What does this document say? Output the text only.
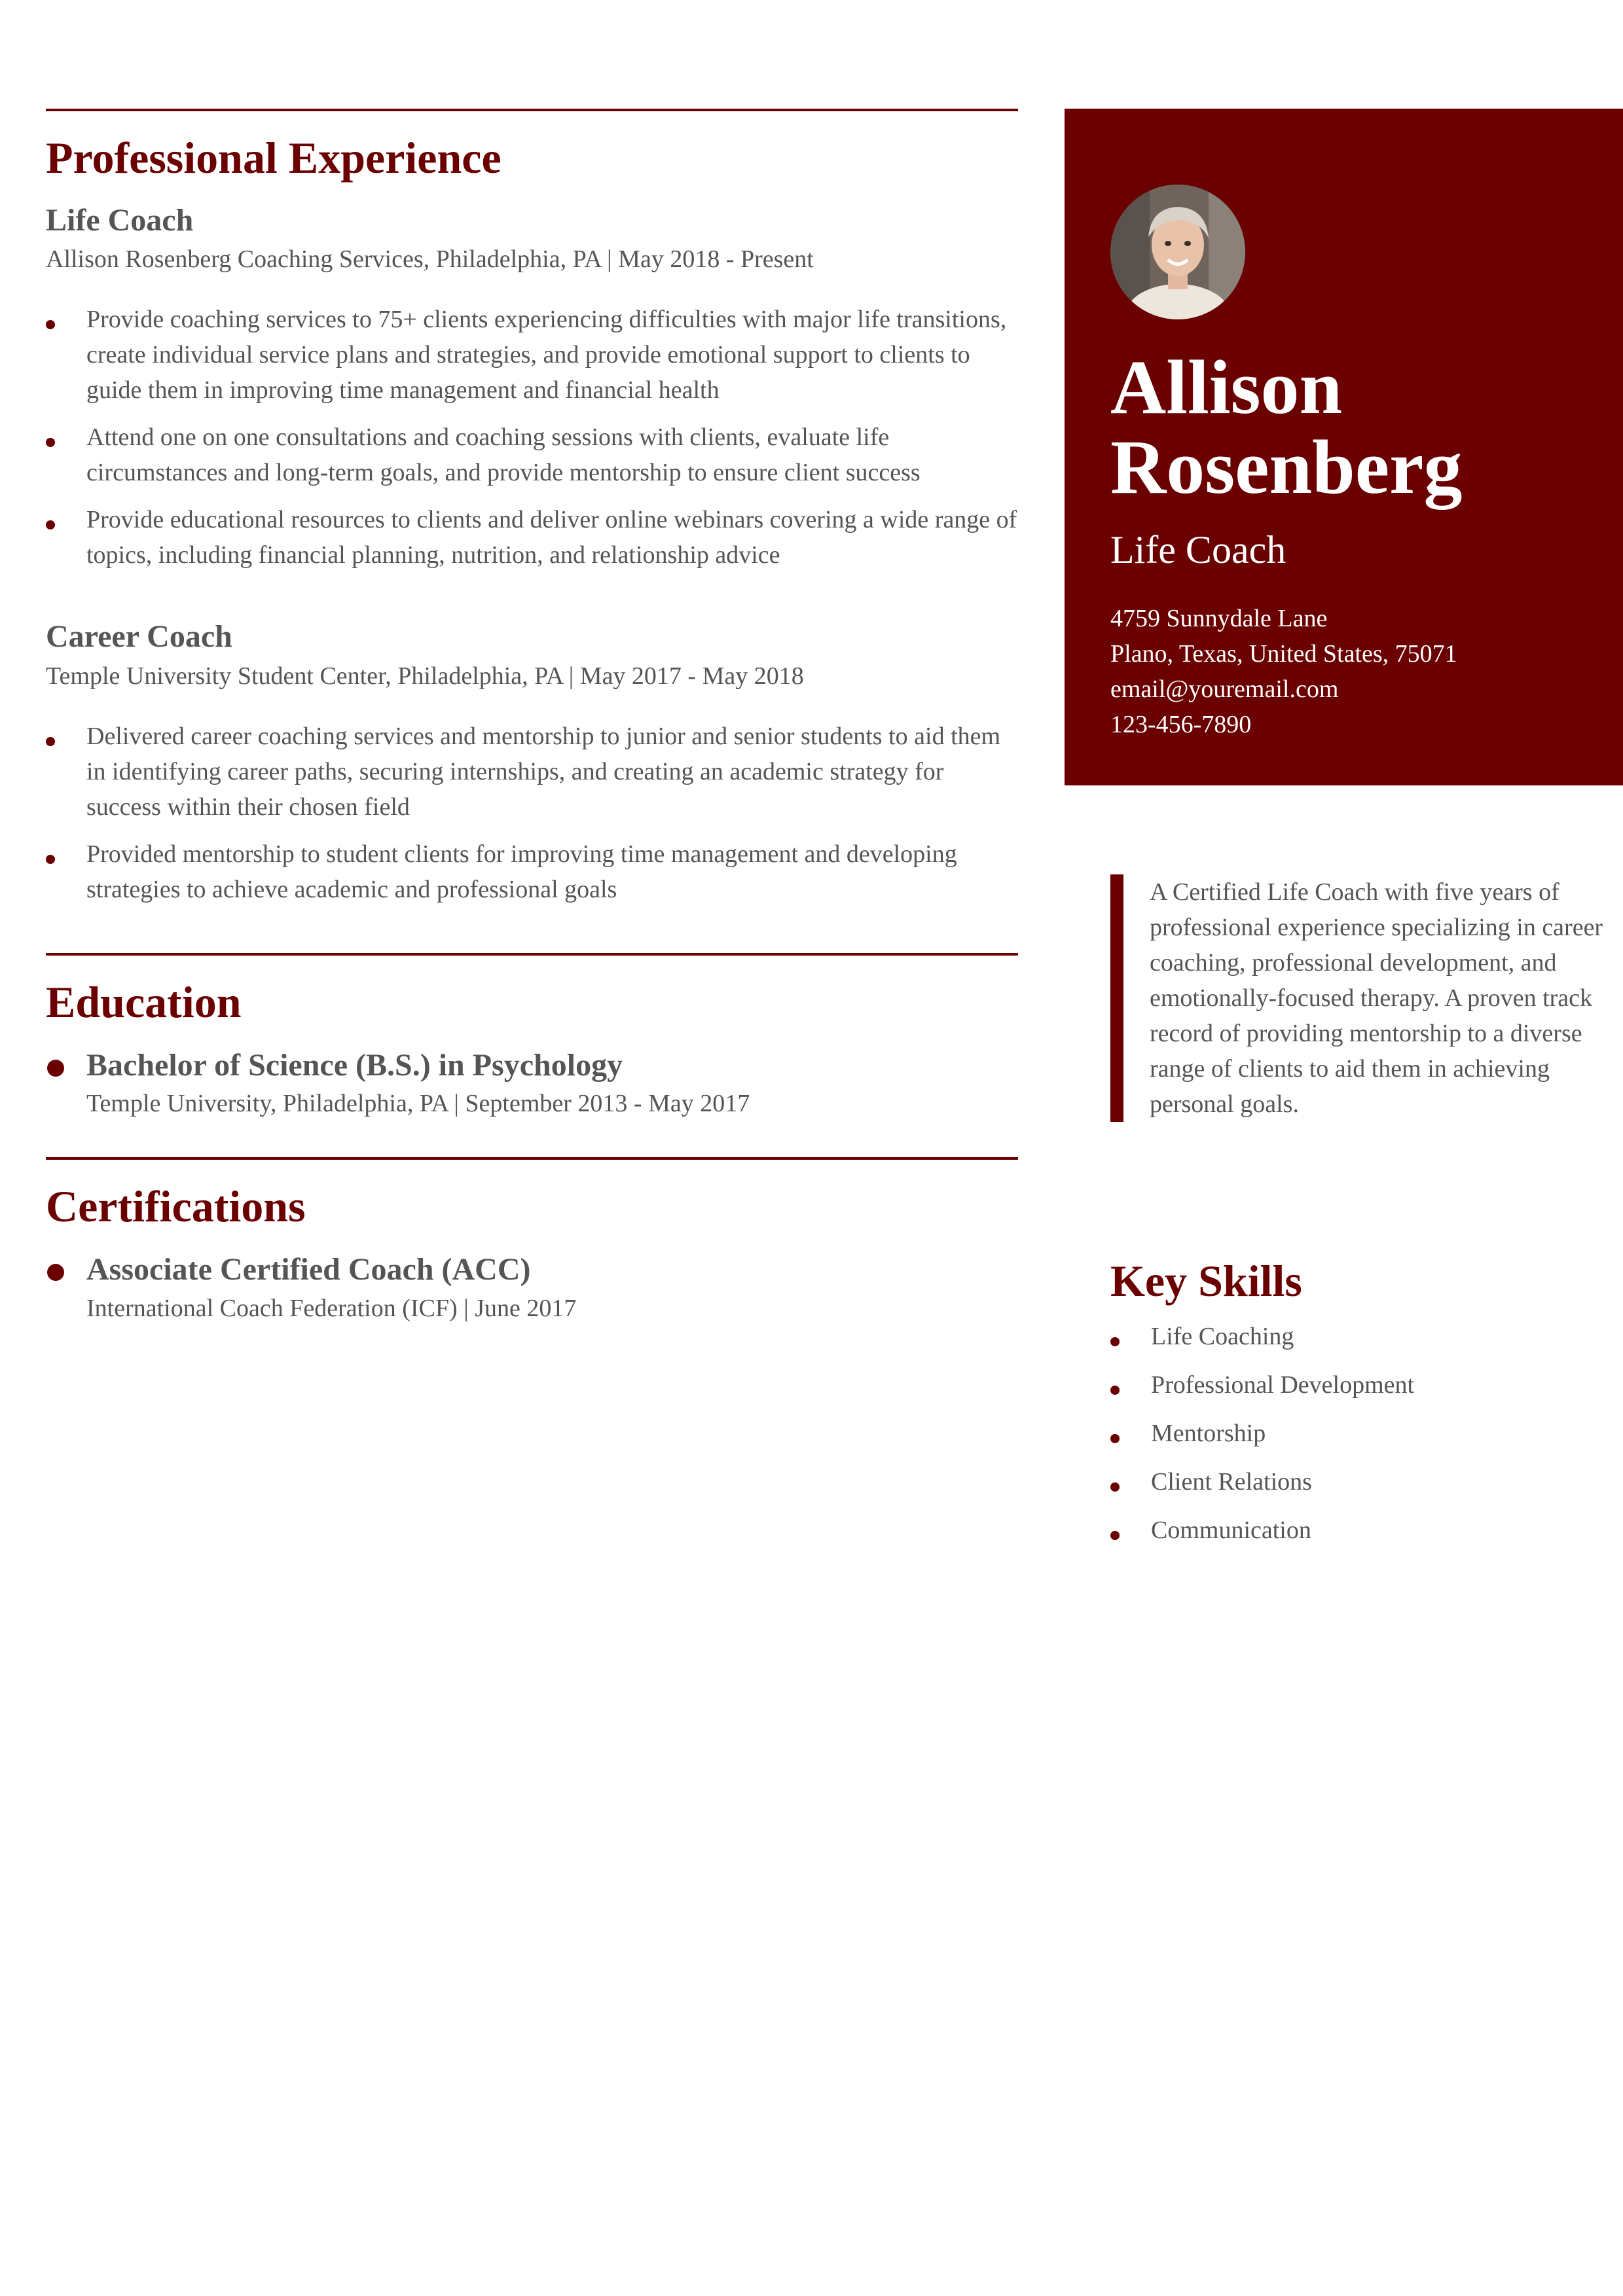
Professional Experience
Life Coach
Allison Rosenberg Coaching Services, Philadelphia, PA | May 2018 - Present
Provide coaching services to 75+ clients experiencing difficulties with major life transitions, create individual service plans and strategies, and provide emotional support to clients to guide them in improving time management and financial health
Attend one on one consultations and coaching sessions with clients, evaluate life circumstances and long-term goals, and provide mentorship to ensure client success
Provide educational resources to clients and deliver online webinars covering a wide range of topics, including financial planning, nutrition, and relationship advice
Career Coach
Temple University Student Center, Philadelphia, PA | May 2017 - May 2018
Delivered career coaching services and mentorship to junior and senior students to aid them in identifying career paths, securing internships, and creating an academic strategy for success within their chosen field
Provided mentorship to student clients for improving time management and developing strategies to achieve academic and professional goals
Education
Bachelor of Science (B.S.) in Psychology
Temple University, Philadelphia, PA | September 2013 - May 2017
Certifications
Associate Certified Coach (ACC)
International Coach Federation (ICF) | June 2017
Allison
Rosenberg
Life Coach
4759 Sunnydale Lane
Plano, Texas, United States, 75071
email@youremail.com
123-456-7890
A Certified Life Coach with five years of professional experience specializing in career coaching, professional development, and emotionally-focused therapy. A proven track record of providing mentorship to a diverse range of clients to aid them in achieving personal goals.
Key Skills
Life Coaching
Professional Development
Mentorship
Client Relations
Communication
